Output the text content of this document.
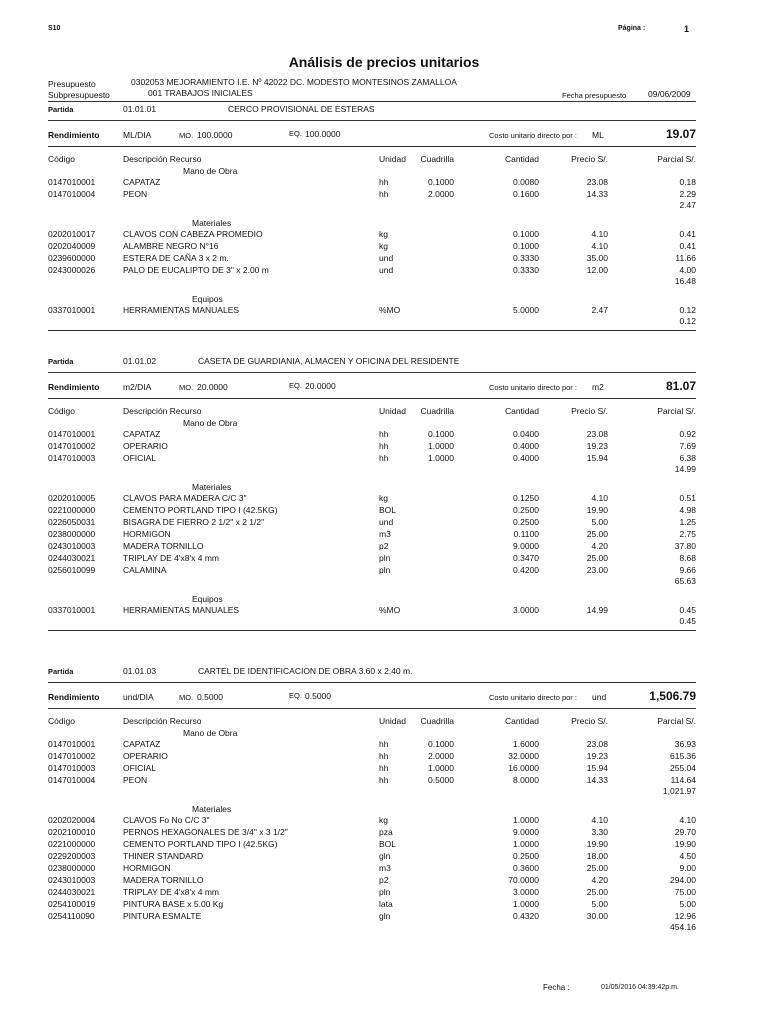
S10	Página :	1
Análisis de precios unitarios
Presupuesto	0302053 MEJORAMIENTO I.E. Nº 42022 DC. MODESTO MONTESINOS ZAMALLOA
Subpresupuesto	001 TRABAJOS INICIALES	Fecha presupuesto	09/06/2009
Partida	01.01.01	CERCO PROVISIONAL DE ESTERAS
Rendimiento	ML/DIA	MO. 100.0000	EQ. 100.0000	Costo unitario directo por : ML	19.07
Código	Descripción Recurso	Unidad Cuadrilla	Cantidad	Precio S/.	Parcial S/.
Mano de Obra
0147010001	CAPATAZ	hh	0.1000	0.0080	23.08	0.18
0147010004	PEON	hh	2.0000	0.1600	14.33	2.29
2.47
Materiales
0202010017	CLAVOS CON CABEZA PROMEDIO	kg	0.1000	4.10	0.41
0202040009	ALAMBRE NEGRO N°16	kg	0.1000	4.10	0.41
0239600000	ESTERA DE CAÑA 3 x 2 m.	und	0.3330	35.00	11.66
0243000026	PALO DE EUCALIPTO DE 3" x 2.00 m	und	0.3330	12.00	4.00
16.48
Equipos
0337010001	HERRAMIENTAS MANUALES	%MO	5.0000	2.47	0.12
0.12
Partida	01.01.02	CASETA DE GUARDIANIA, ALMACEN Y OFICINA DEL RESIDENTE
Rendimiento	m2/DIA	MO. 20.0000	EQ. 20.0000	Costo unitario directo por : m2	81.07
Código	Descripción Recurso	Unidad Cuadrilla	Cantidad	Precio S/.	Parcial S/.
Mano de Obra
0147010001	CAPATAZ	hh	0.1000	0.0400	23.08	0.92
0147010002	OPERARIO	hh	1.0000	0.4000	19.23	7.69
0147010003	OFICIAL	hh	1.0000	0.4000	15.94	6.38
14.99
Materiales
0202010005	CLAVOS PARA MADERA C/C 3"	kg	0.1250	4.10	0.51
0221000000	CEMENTO PORTLAND TIPO I (42.5KG)	BOL	0.2500	19.90	4.98
0226050031	BISAGRA DE FIERRO 2 1/2" x 2 1/2"	und	0.2500	5.00	1.25
0238000000	HORMIGON	m3	0.1100	25.00	2.75
0243010003	MADERA TORNILLO	p2	9.0000	4.20	37.80
0244030021	TRIPLAY DE 4'x8'x 4 mm	pln	0.3470	25.00	8.68
0256010099	CALAMINA	pln	0.4200	23.00	9.66
65.63
Equipos
0337010001	HERRAMIENTAS MANUALES	%MO	3.0000	14.99	0.45
0.45
Partida	01.01.03	CARTEL DE IDENTIFICACION DE OBRA 3.60 x 2.40 m.
Rendimiento	und/DIA	MO. 0.5000	EQ. 0.5000	Costo unitario directo por : und	1,506.79
Código	Descripción Recurso	Unidad Cuadrilla	Cantidad	Precio S/.	Parcial S/.
Mano de Obra
0147010001	CAPATAZ	hh	0.1000	1.6000	23.08	36.93
0147010002	OPERARIO	hh	2.0000	32.0000	19.23	615.36
0147010003	OFICIAL	hh	1.0000	16.0000	15.94	255.04
0147010004	PEON	hh	0.5000	8.0000	14.33	114.64
1,021.97
Materiales
0202020004	CLAVOS Fo No C/C 3"	kg	1.0000	4.10	4.10
0202100010	PERNOS HEXAGONALES DE 3/4" x 3 1/2"	pza	9.0000	3.30	29.70
0221000000	CEMENTO PORTLAND TIPO I (42.5KG)	BOL	1.0000	19.90	19.90
0229200003	THINER STANDARD	gln	0.2500	18.00	4.50
0238000000	HORMIGON	m3	0.3600	25.00	9.00
0243010003	MADERA TORNILLO	p2	70.0000	4.20	294.00
0244030021	TRIPLAY DE 4'x8'x 4 mm	pln	3.0000	25.00	75.00
0254100019	PINTURA BASE x 5.00 Kg	lata	1.0000	5.00	5.00
0254110090	PINTURA ESMALTE	gln	0.4320	30.00	12.96
454.16
Fecha :	01/05/2016 04:39:42p.m.
